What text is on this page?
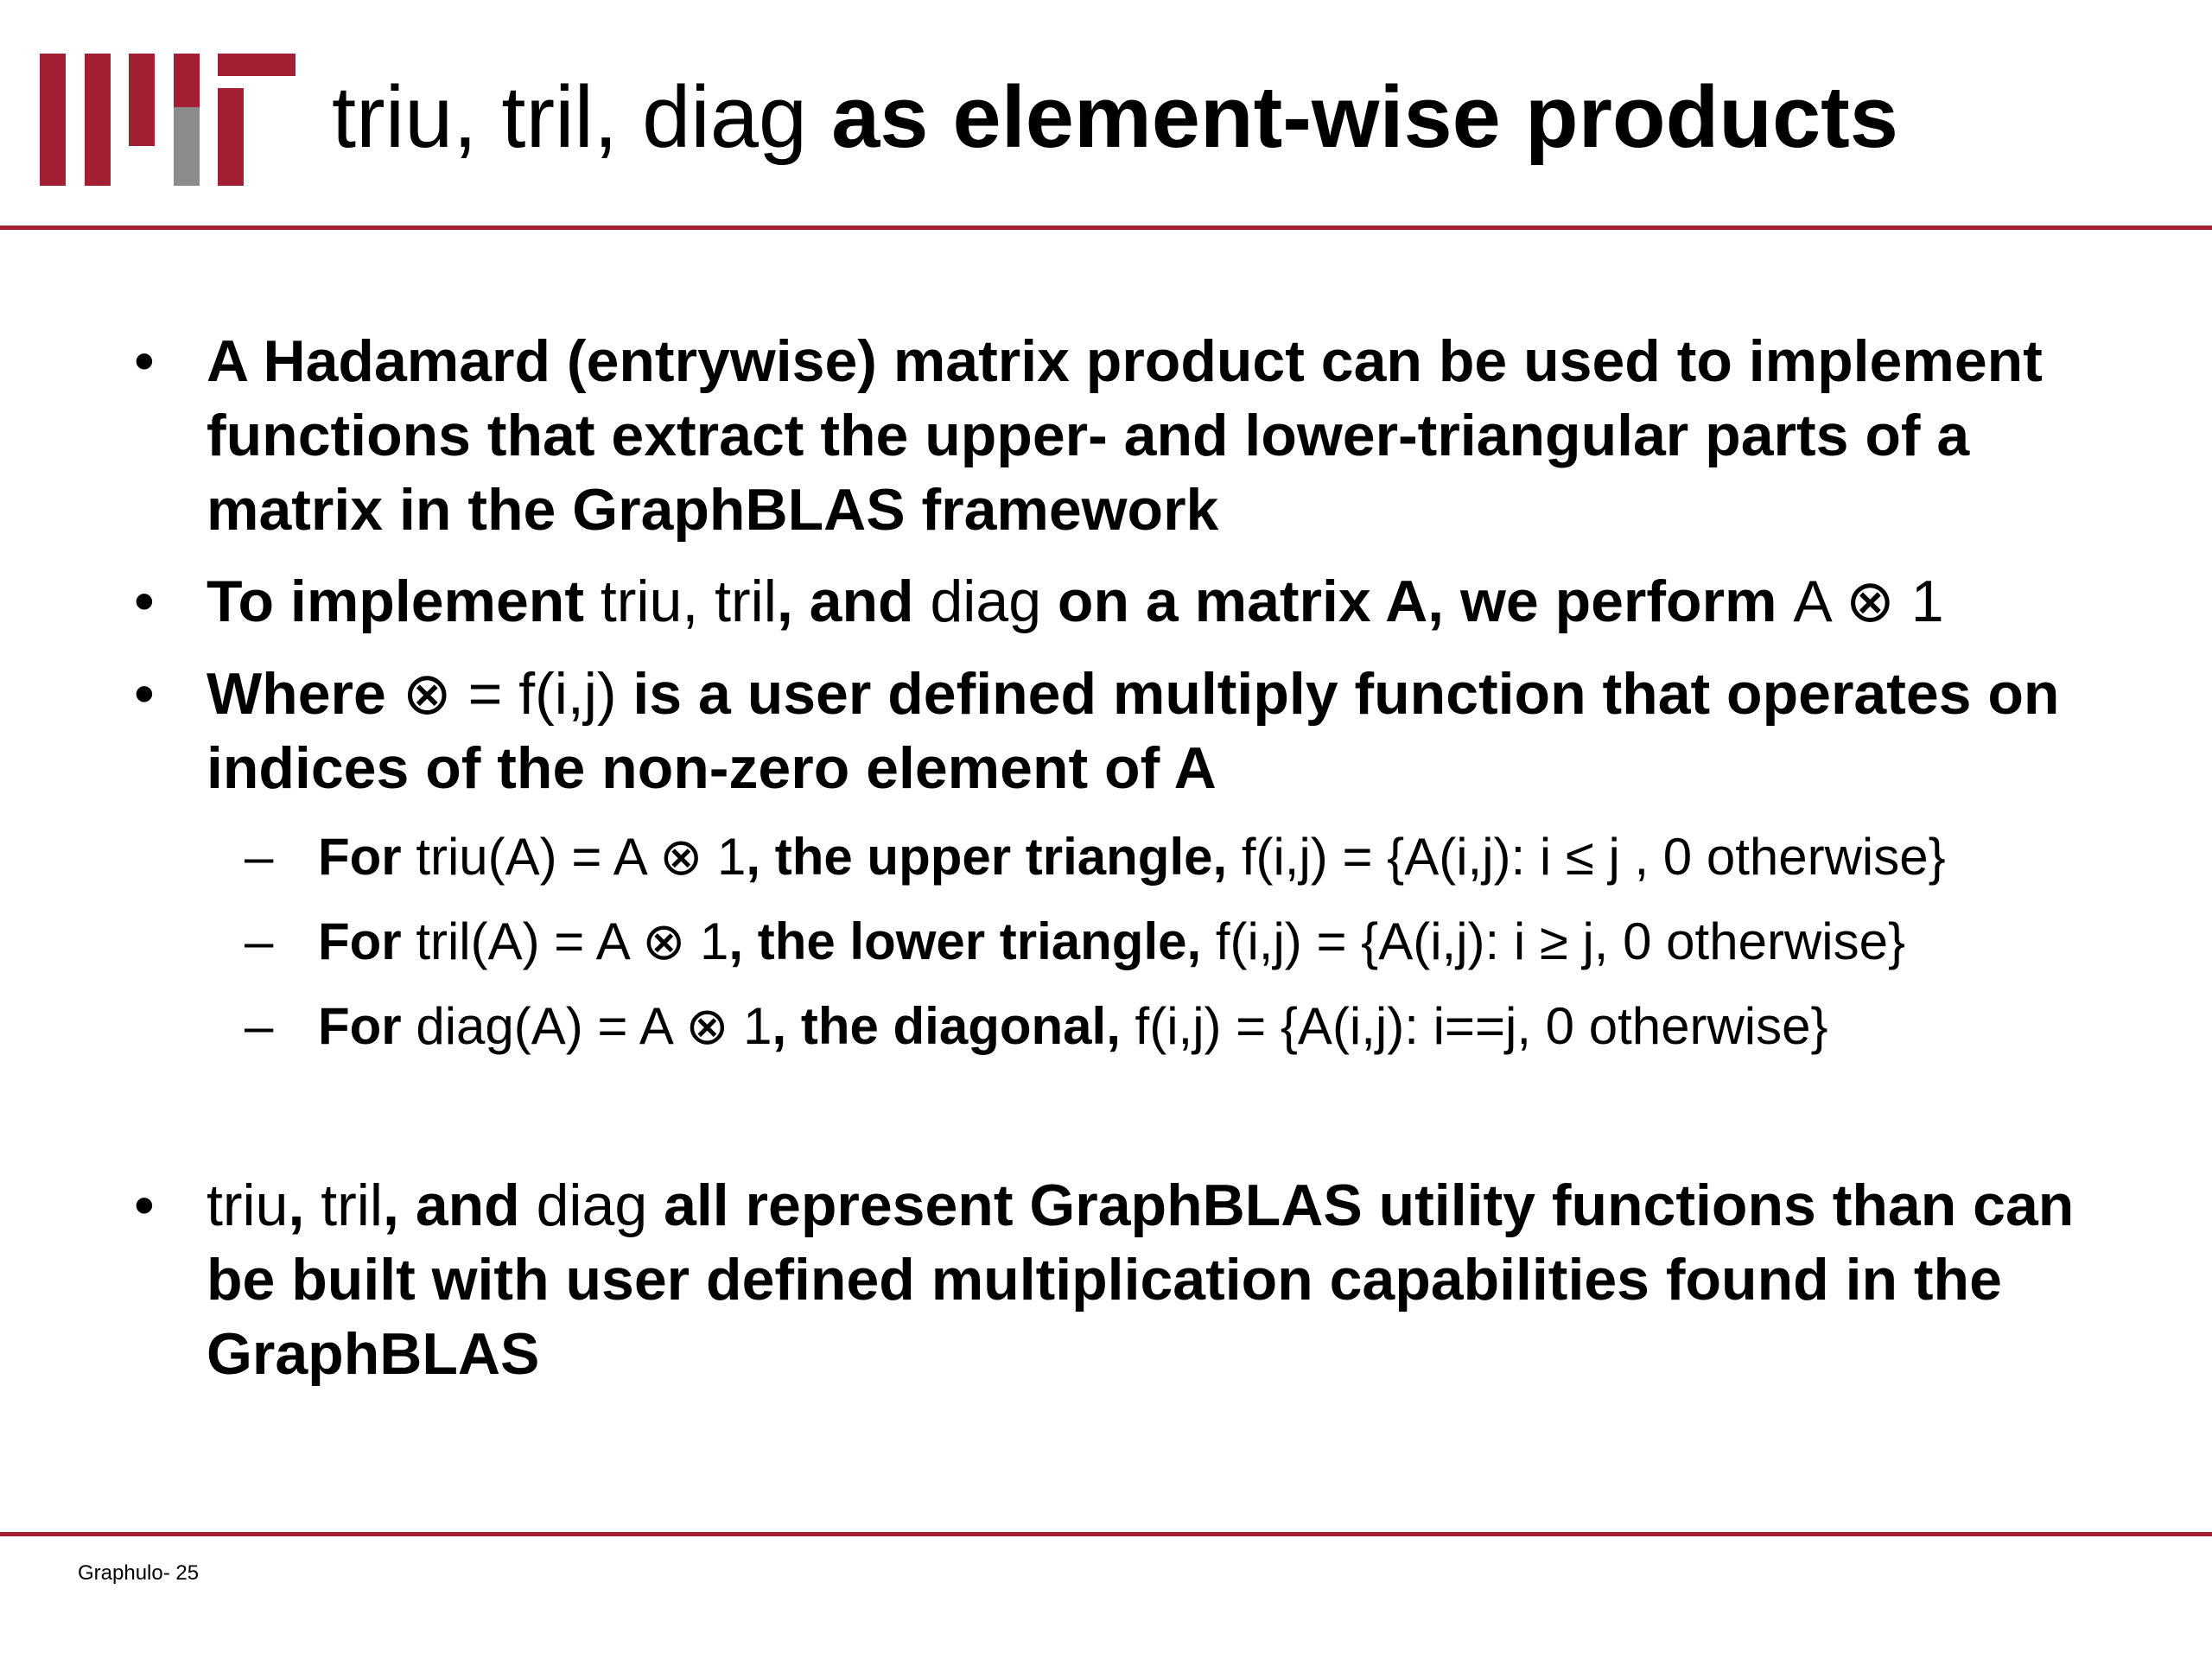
triu, tril, diag as element-wise products
• A Hadamard (entrywise) matrix product can be used to implement functions that extract the upper- and lower-triangular parts of a matrix in the GraphBLAS framework
• To implement triu, tril, and diag on a matrix A, we perform A ⊗ 1
• Where ⊗ = f(i,j) is a user defined multiply function that operates on indices of the non-zero element of A
– For triu(A) = A ⊗ 1, the upper triangle, f(i,j) = {A(i,j): i ≤ j , 0 otherwise}
– For tril(A) = A ⊗ 1, the lower triangle, f(i,j) = {A(i,j): i ≥ j, 0 otherwise}
– For diag(A) = A ⊗ 1, the diagonal, f(i,j) = {A(i,j): i==j, 0 otherwise}
• triu, tril, and diag all represent GraphBLAS utility functions than can be built with user defined multiplication capabilities found in the GraphBLAS
Graphulo- 25
